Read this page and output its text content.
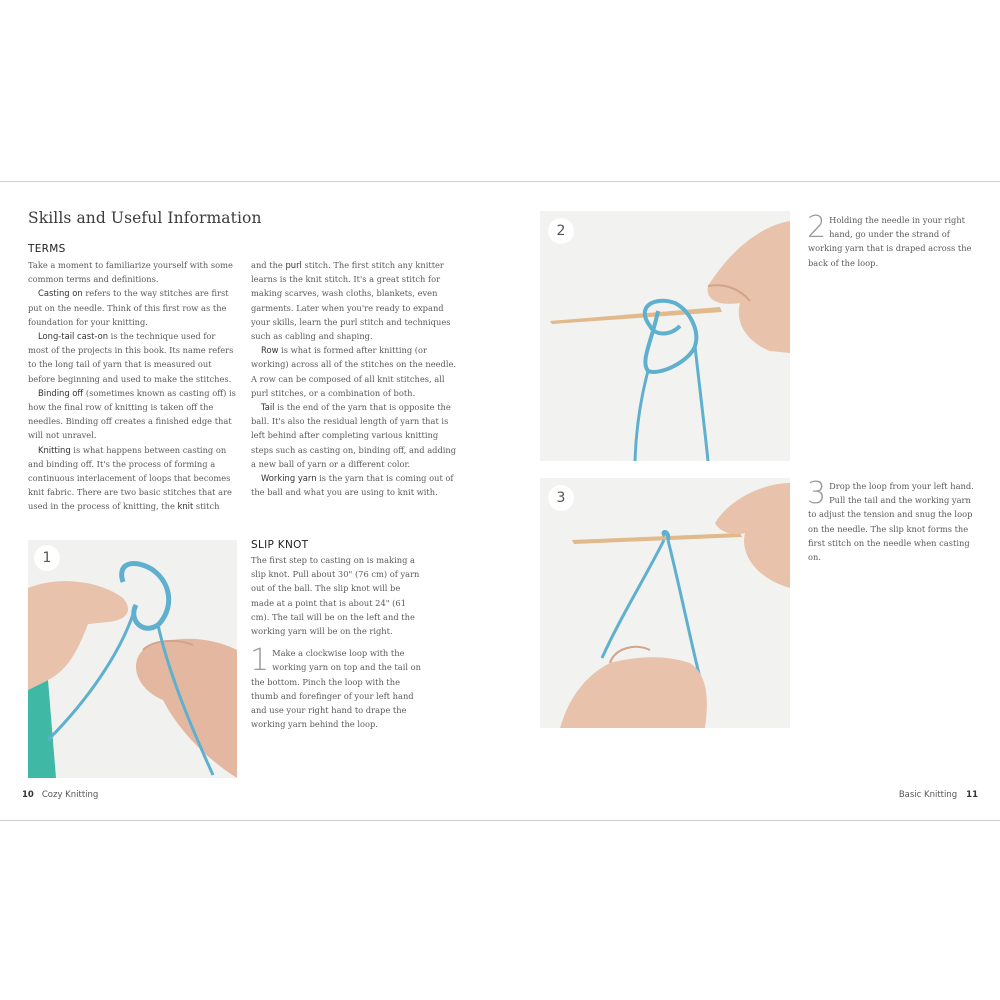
Skills and Useful Information
TERMS

Take a moment to familiarize yourself with some common terms and definitions.

Casting on refers to the way stitches are first put on the needle. Think of this first row as the foundation for your knitting.

Long-tail cast-on is the technique used for most of the projects in this book. Its name refers to the long tail of yarn that is measured out before beginning and used to make the stitches.

Binding off (sometimes known as casting off) is how the final row of knitting is taken off the needles. Binding off creates a finished edge that will not unravel.

Knitting is what happens between casting on and binding off. It's the process of forming a continuous interlacement of loops that becomes knit fabric. There are two basic stitches that are used in the process of knitting, the knit stitch

and the purl stitch. The first stitch any knitter learns is the knit stitch. It's a great stitch for making scarves, wash cloths, blankets, even garments. Later when you're ready to expand your skills, learn the purl stitch and techniques such as cabling and shaping.

Row is what is formed after knitting (or working) across all of the stitches on the needle. A row can be composed of all knit stitches, all purl stitches, or a combination of both.

Tail is the end of the yarn that is opposite the ball. It's also the residual length of yarn that is left behind after completing various knitting steps such as casting on, binding off, and adding a new ball of yarn or a different color.

Working yarn is the yarn that is coming out of the ball and what you are using to knit with.

SLIP KNOT

The first step to casting on is making a slip knot. Pull about 30" (76 cm) of yarn out of the ball. The slip knot will be made at a point that is about 24" (61 cm). The tail will be on the left and the working yarn will be on the right.

1 Make a clockwise loop with the working yarn on top and the tail on the bottom. Pinch the loop with the thumb and forefinger of your left hand and use your right hand to drape the working yarn behind the loop.

1
2
3

2 Holding the needle in your right hand, go under the strand of working yarn that is draped across the back of the loop.

3 Drop the loop from your left hand. Pull the tail and the working yarn to adjust the tension and snug the loop on the needle. The slip knot forms the first stitch on the needle when casting on.

10 Cozy Knitting	Basic Knitting 11
